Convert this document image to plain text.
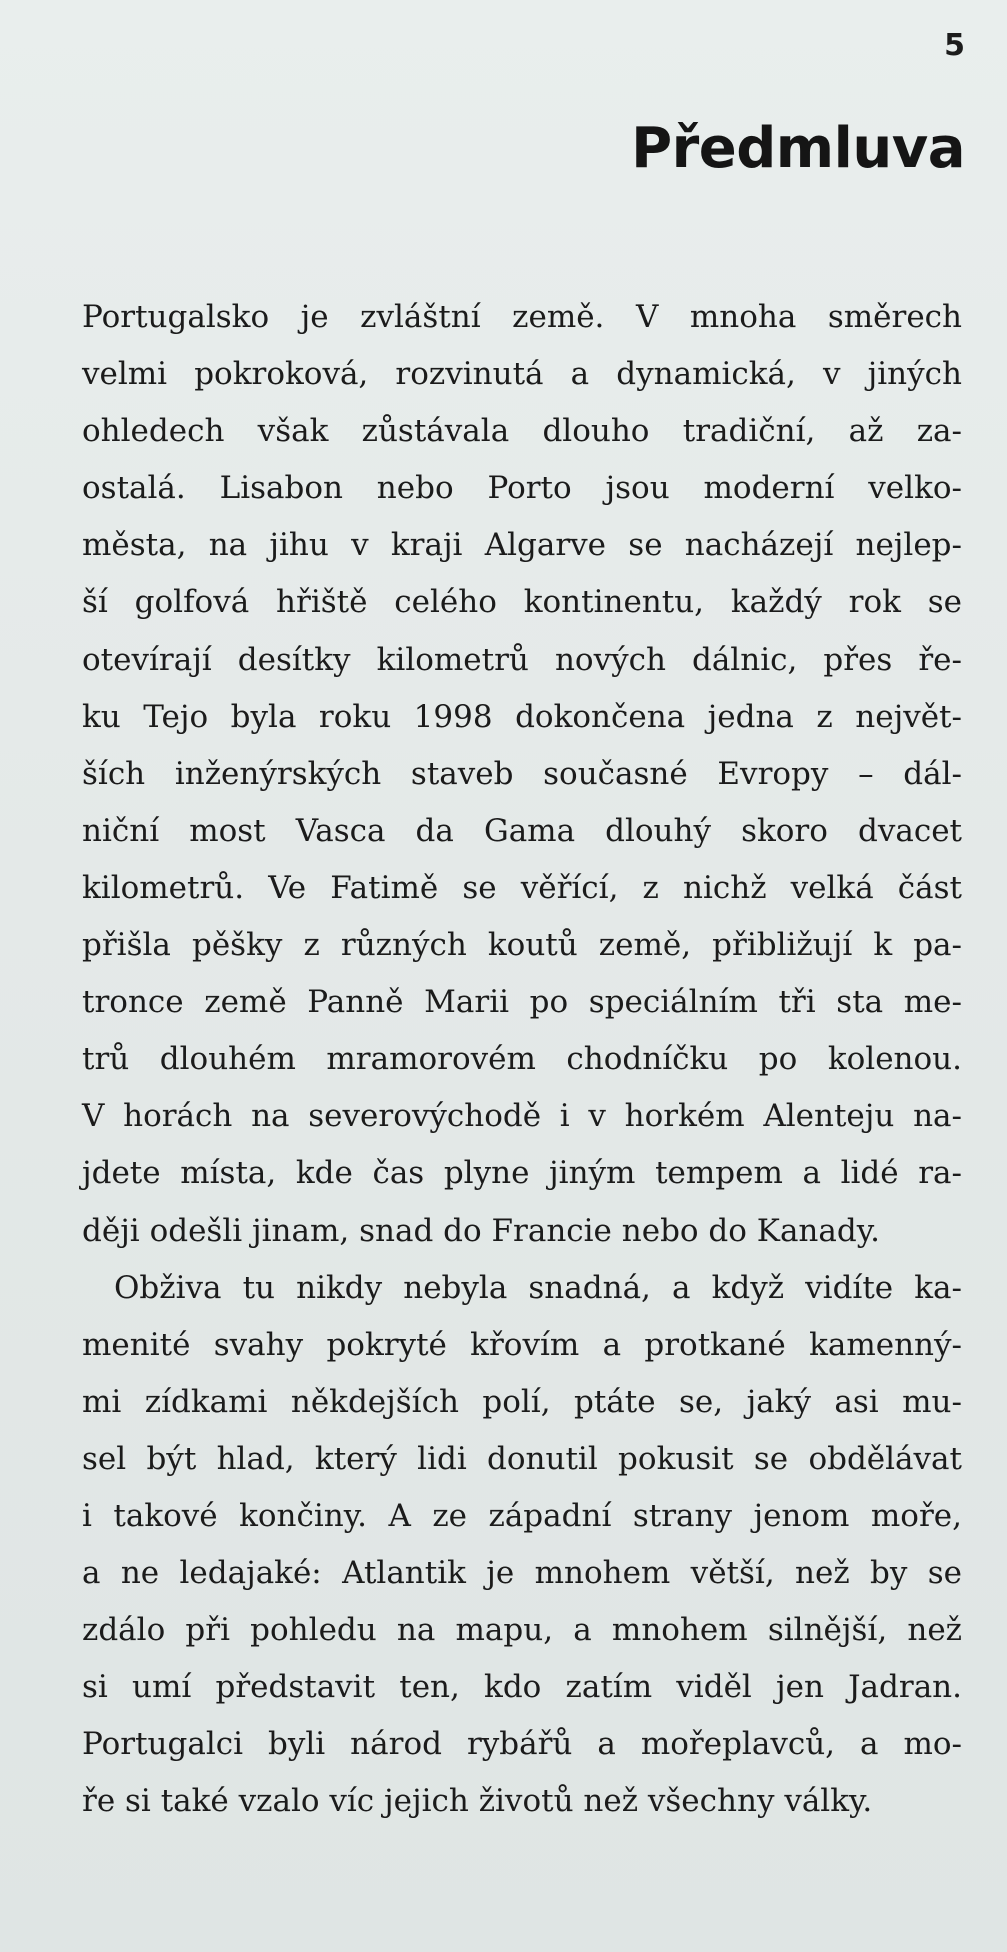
5
Předmluva

Portugalsko je zvláštní země. V mnoha směrech
velmi pokroková, rozvinutá a dynamická, v jiných
ohledech však zůstávala dlouho tradiční, až za-
ostalá. Lisabon nebo Porto jsou moderní velko-
města, na jihu v kraji Algarve se nacházejí nejlep-
ší golfová hřiště celého kontinentu, každý rok se
otevírají desítky kilometrů nových dálnic, přes ře-
ku Tejo byla roku 1998 dokončena jedna z největ-
ších inženýrských staveb současné Evropy – dál-
niční most Vasca da Gama dlouhý skoro dvacet
kilometrů. Ve Fatimě se věřící, z nichž velká část
přišla pěšky z různých koutů země, přibližují k pa-
troncе země Panně Marii po speciálním tři sta me-
trů dlouhém mramorovém chodníčku po kolenou.
V horách na severovýchodě i v horkém Alenteju na-
jdete místa, kde čas plyne jiným tempem a lidé ra-
ději odešli jinam, snad do Francie nebo do Kanady.

Obživa tu nikdy nebyla snadná, a když vidíte ka-
menité svahy pokryté křovím a protkané kamenný-
mi zídkami někdejších polí, ptáte se, jaký asi mu-
sel být hlad, který lidi donutil pokusit se obdělávat
i takové končiny. A ze západní strany jenom moře,
a ne ledajaké: Atlantik je mnohem větší, než by se
zdálo při pohledu na mapu, a mnohem silnější, než
si umí představit ten, kdo zatím viděl jen Jadran.
Portugalci byli národ rybářů a mořeplavců, a mo-
ře si také vzalo víc jejich životů než všechny války.
